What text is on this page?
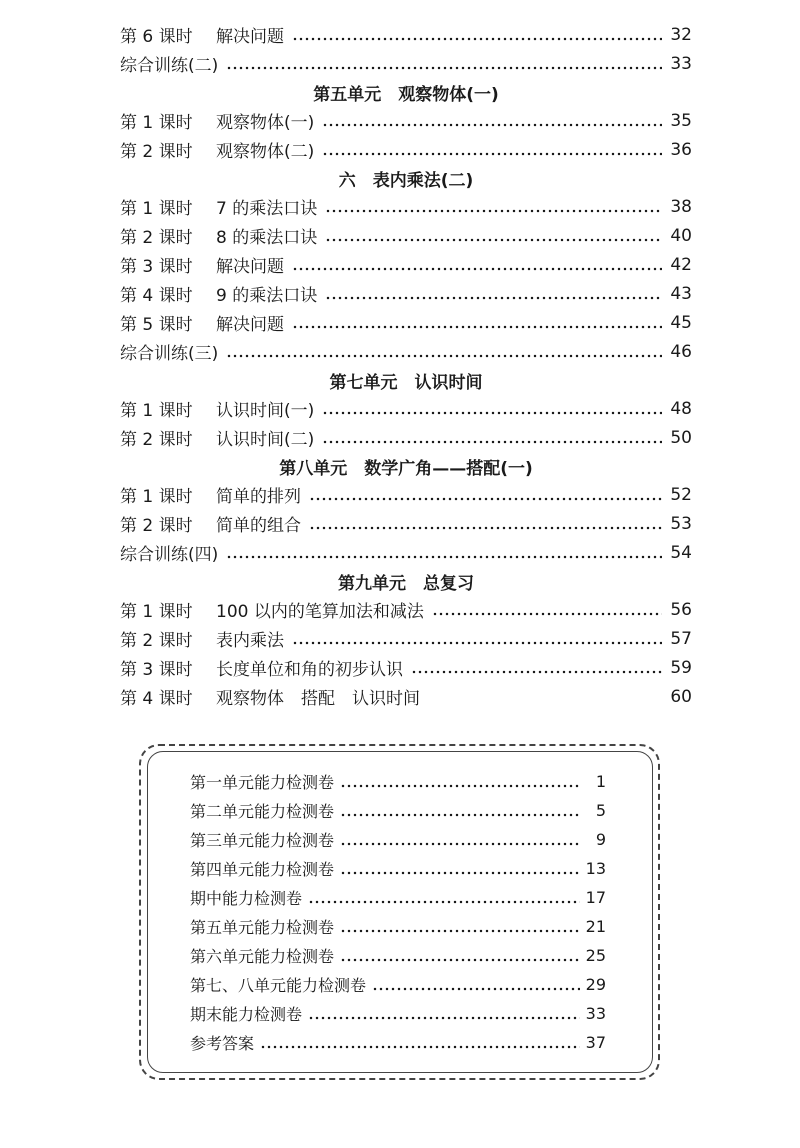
第 6 课时	解决问题	32
综合训练(二)	33
第五单元　观察物体(一)
第 1 课时	观察物体(一)	35
第 2 课时	观察物体(二)	36
六　表内乘法(二)
第 1 课时	7 的乘法口诀	38
第 2 课时	8 的乘法口诀	40
第 3 课时	解决问题	42
第 4 课时	9 的乘法口诀	43
第 5 课时	解决问题	45
综合训练(三)	46
第七单元　认识时间
第 1 课时	认识时间(一)	48
第 2 课时	认识时间(二)	50
第八单元　数学广角——搭配(一)
第 1 课时	简单的排列	52
第 2 课时	简单的组合	53
综合训练(四)	54
第九单元　总复习
第 1 课时	100 以内的笔算加法和减法	56
第 2 课时	表内乘法	57
第 3 课时	长度单位和角的初步认识	59
第 4 课时	观察物体　搭配　认识时间	60
第一单元能力检测卷	1
第二单元能力检测卷	5
第三单元能力检测卷	9
第四单元能力检测卷	13
期中能力检测卷	17
第五单元能力检测卷	21
第六单元能力检测卷	25
第七、八单元能力检测卷	29
期末能力检测卷	33
参考答案	37
